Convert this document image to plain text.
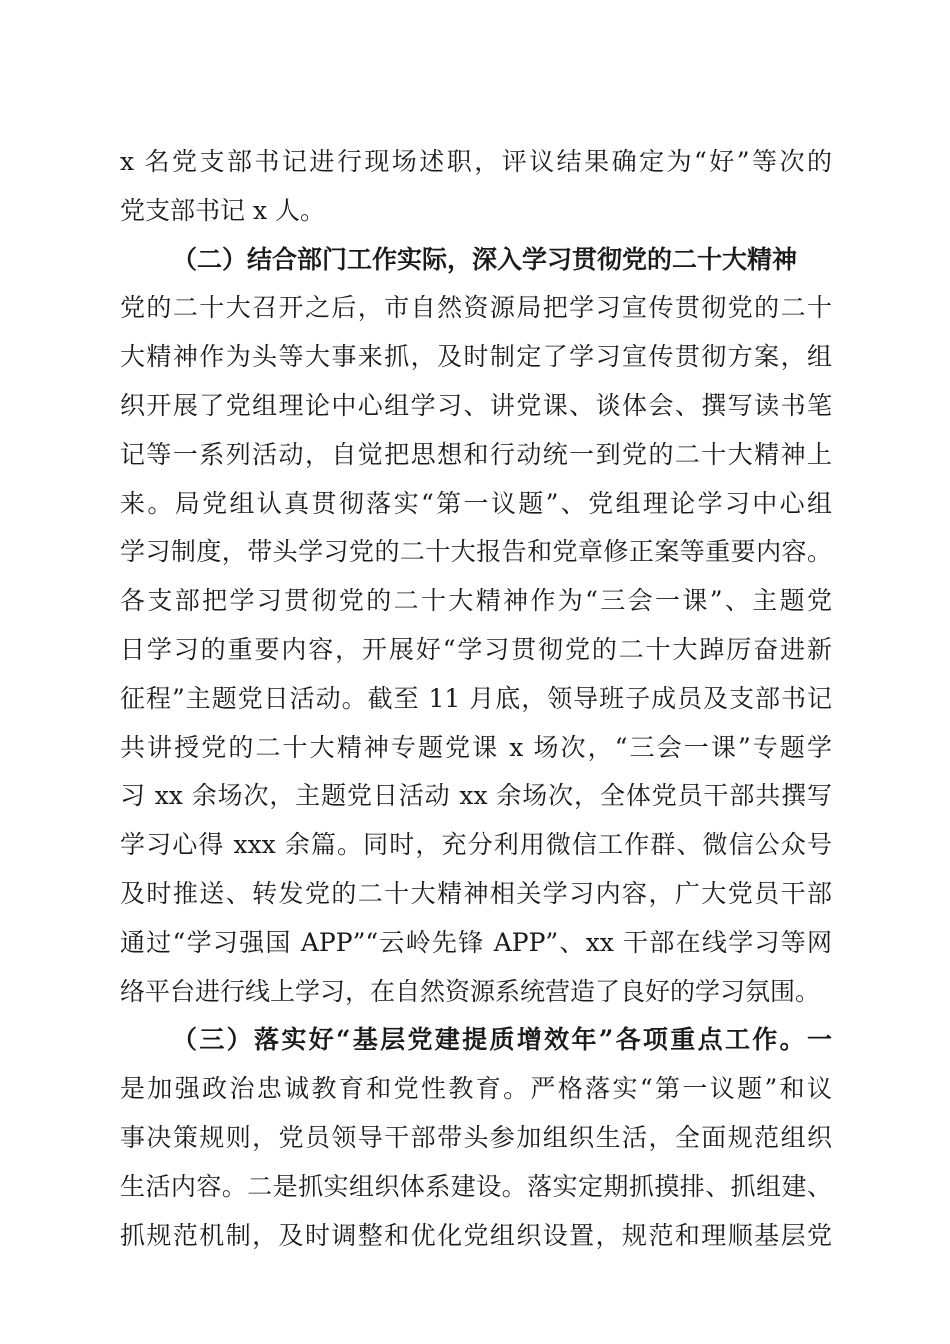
x 名党支部书记进行现场述职，评议结果确定为“好”等次的
党支部书记 x 人。
（二）结合部门工作实际，深入学习贯彻党的二十大精神
党的二十大召开之后，市自然资源局把学习宣传贯彻党的二十
大精神作为头等大事来抓，及时制定了学习宣传贯彻方案，组
织开展了党组理论中心组学习、讲党课、谈体会、撰写读书笔
记等一系列活动，自觉把思想和行动统一到党的二十大精神上
来。局党组认真贯彻落实“第一议题”、党组理论学习中心组
学习制度，带头学习党的二十大报告和党章修正案等重要内容。
各支部把学习贯彻党的二十大精神作为“三会一课”、主题党
日学习的重要内容，开展好“学习贯彻党的二十大踔厉奋进新
征程”主题党日活动。截至 11 月底，领导班子成员及支部书记
共讲授党的二十大精神专题党课 x 场次，“三会一课”专题学
习 xx 余场次，主题党日活动 xx 余场次，全体党员干部共撰写
学习心得 xxx 余篇。同时，充分利用微信工作群、微信公众号
及时推送、转发党的二十大精神相关学习内容，广大党员干部
通过“学习强国 APP”“云岭先锋 APP”、xx 干部在线学习等网
络平台进行线上学习，在自然资源系统营造了良好的学习氛围。
（三）落实好“基层党建提质增效年”各项重点工作。一
是加强政治忠诚教育和党性教育。严格落实“第一议题”和议
事决策规则，党员领导干部带头参加组织生活，全面规范组织
生活内容。二是抓实组织体系建设。落实定期抓摸排、抓组建、
抓规范机制，及时调整和优化党组织设置，规范和理顺基层党
